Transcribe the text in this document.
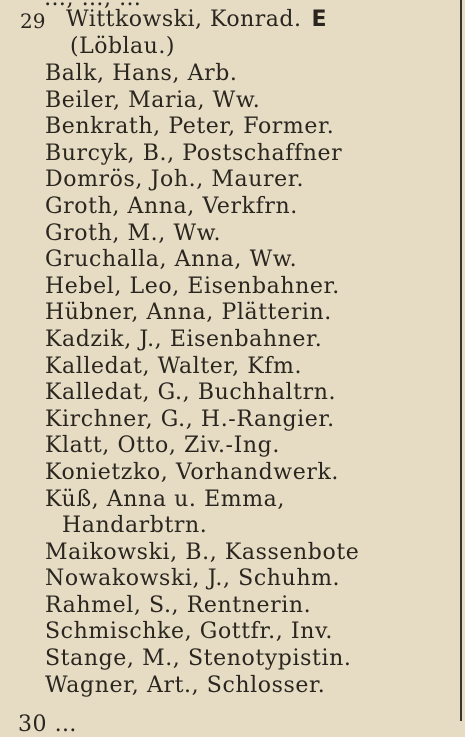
29 Wittkowski, Konrad. E
(Löblau.)
Balk, Hans, Arb.
Beiler, Maria, Ww.
Benkrath, Peter, Former.
Burcyk, B., Postschaffner
Domrös, Joh., Maurer.
Groth, Anna, Verkfrn.
Groth, M., Ww.
Gruchalla, Anna, Ww.
Hebel, Leo, Eisenbahner.
Hübner, Anna, Plätterin.
Kadzik, J., Eisenbahner.
Kalledat, Walter, Kfm.
Kalledat, G., Buchhaltrn.
Kirchner, G., H.-Rangier.
Klatt, Otto, Ziv.-Ing.
Konietzko, Vorhandwerk.
Küß, Anna u. Emma,
Handarbtrn.
Maikowski, B., Kassenbote
Nowakowski, J., Schuhm.
Rahmel, S., Rentnerin.
Schmischke, Gottfr., Inv.
Stange, M., Stenotypistin.
Wagner, Art., Schlosser.
30 …
